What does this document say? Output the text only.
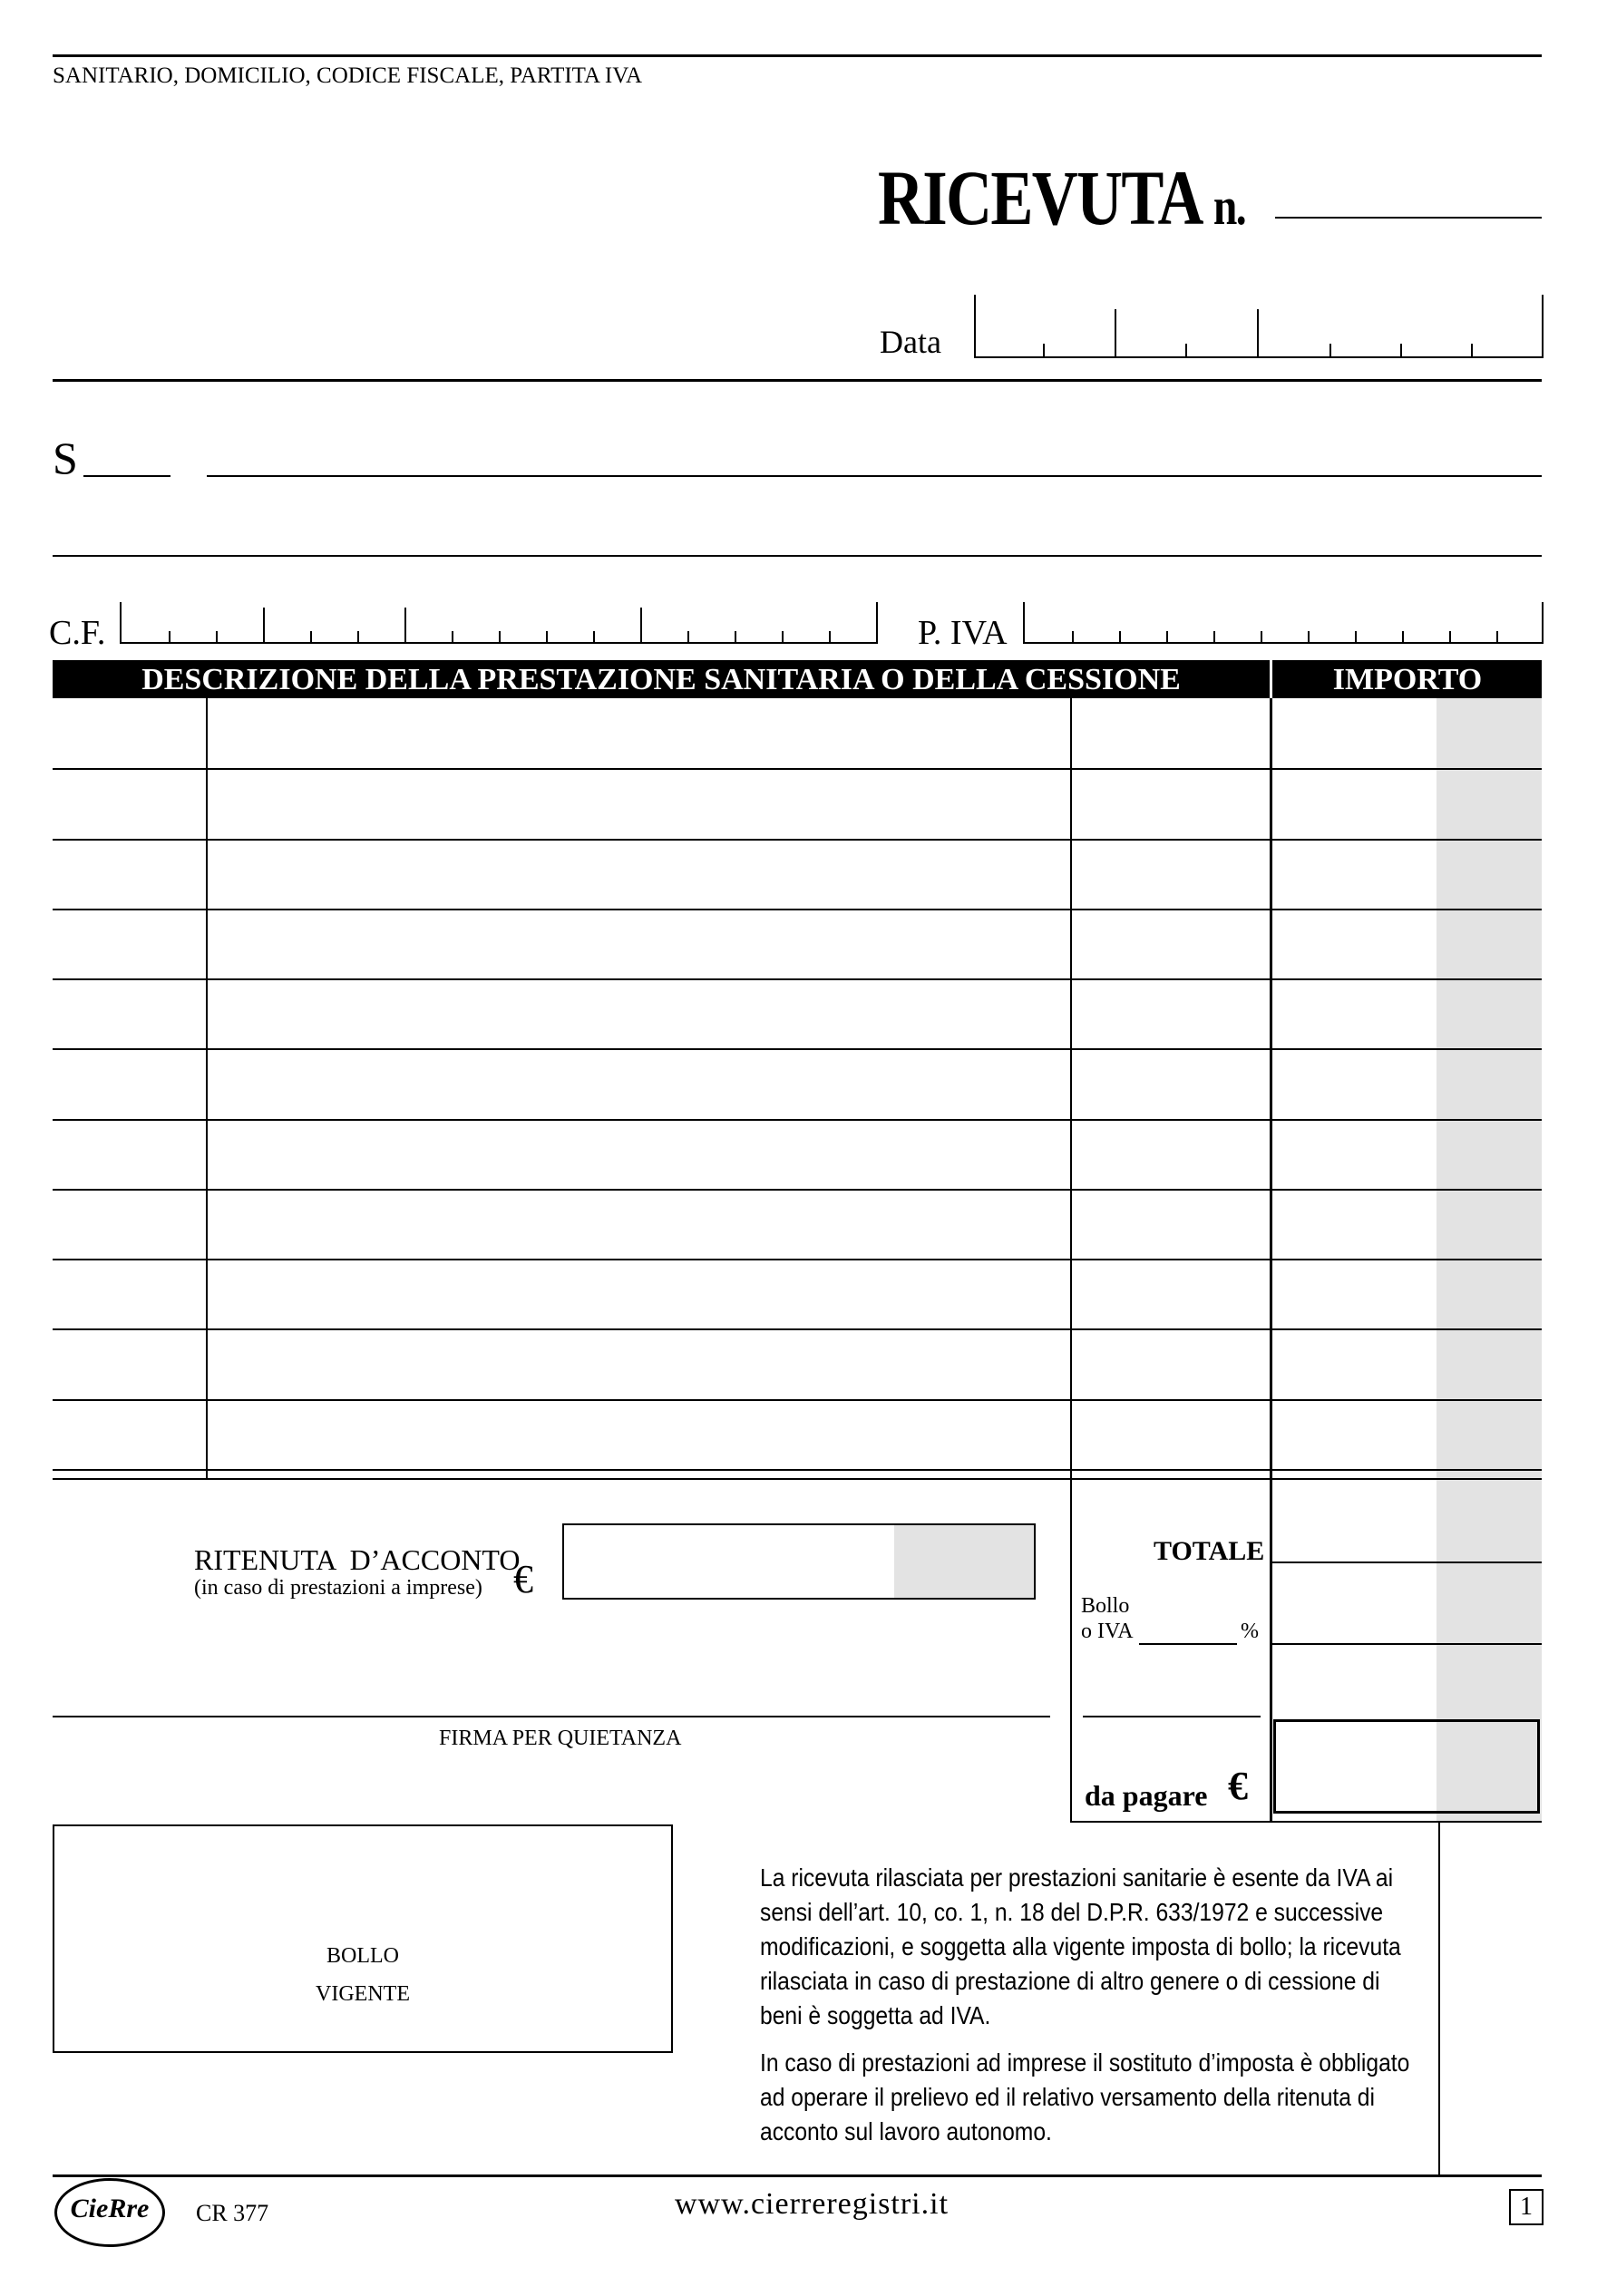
SANITARIO, DOMICILIO, CODICE FISCALE, PARTITA IVA
RICEVUTA n.
Data
S
C.F.	P. IVA
DESCRIZIONE DELLA PRESTAZIONE SANITARIA O DELLA CESSIONE	IMPORTO
RITENUTA  D’ACCONTO
(in caso di prestazioni a imprese) €
FIRMA PER QUIETANZA
TOTALE
Bollo
o IVA	%
da pagare €
BOLLO
VIGENTE
La ricevuta rilasciata per prestazioni sanitarie è esente da IVA ai sensi dell’art. 10, co. 1, n. 18 del D.P.R. 633/1972 e successive modificazioni, e soggetta alla vigente imposta di bollo; la ricevuta rilasciata in caso di prestazione di altro genere o di cessione di beni è soggetta ad IVA.
In caso di prestazioni ad imprese il sostituto d’imposta è obbligato ad operare il prelievo ed il relativo versamento della ritenuta di acconto sul lavoro autonomo.
CieRre	CR 377	www.cierreregistri.it	1
